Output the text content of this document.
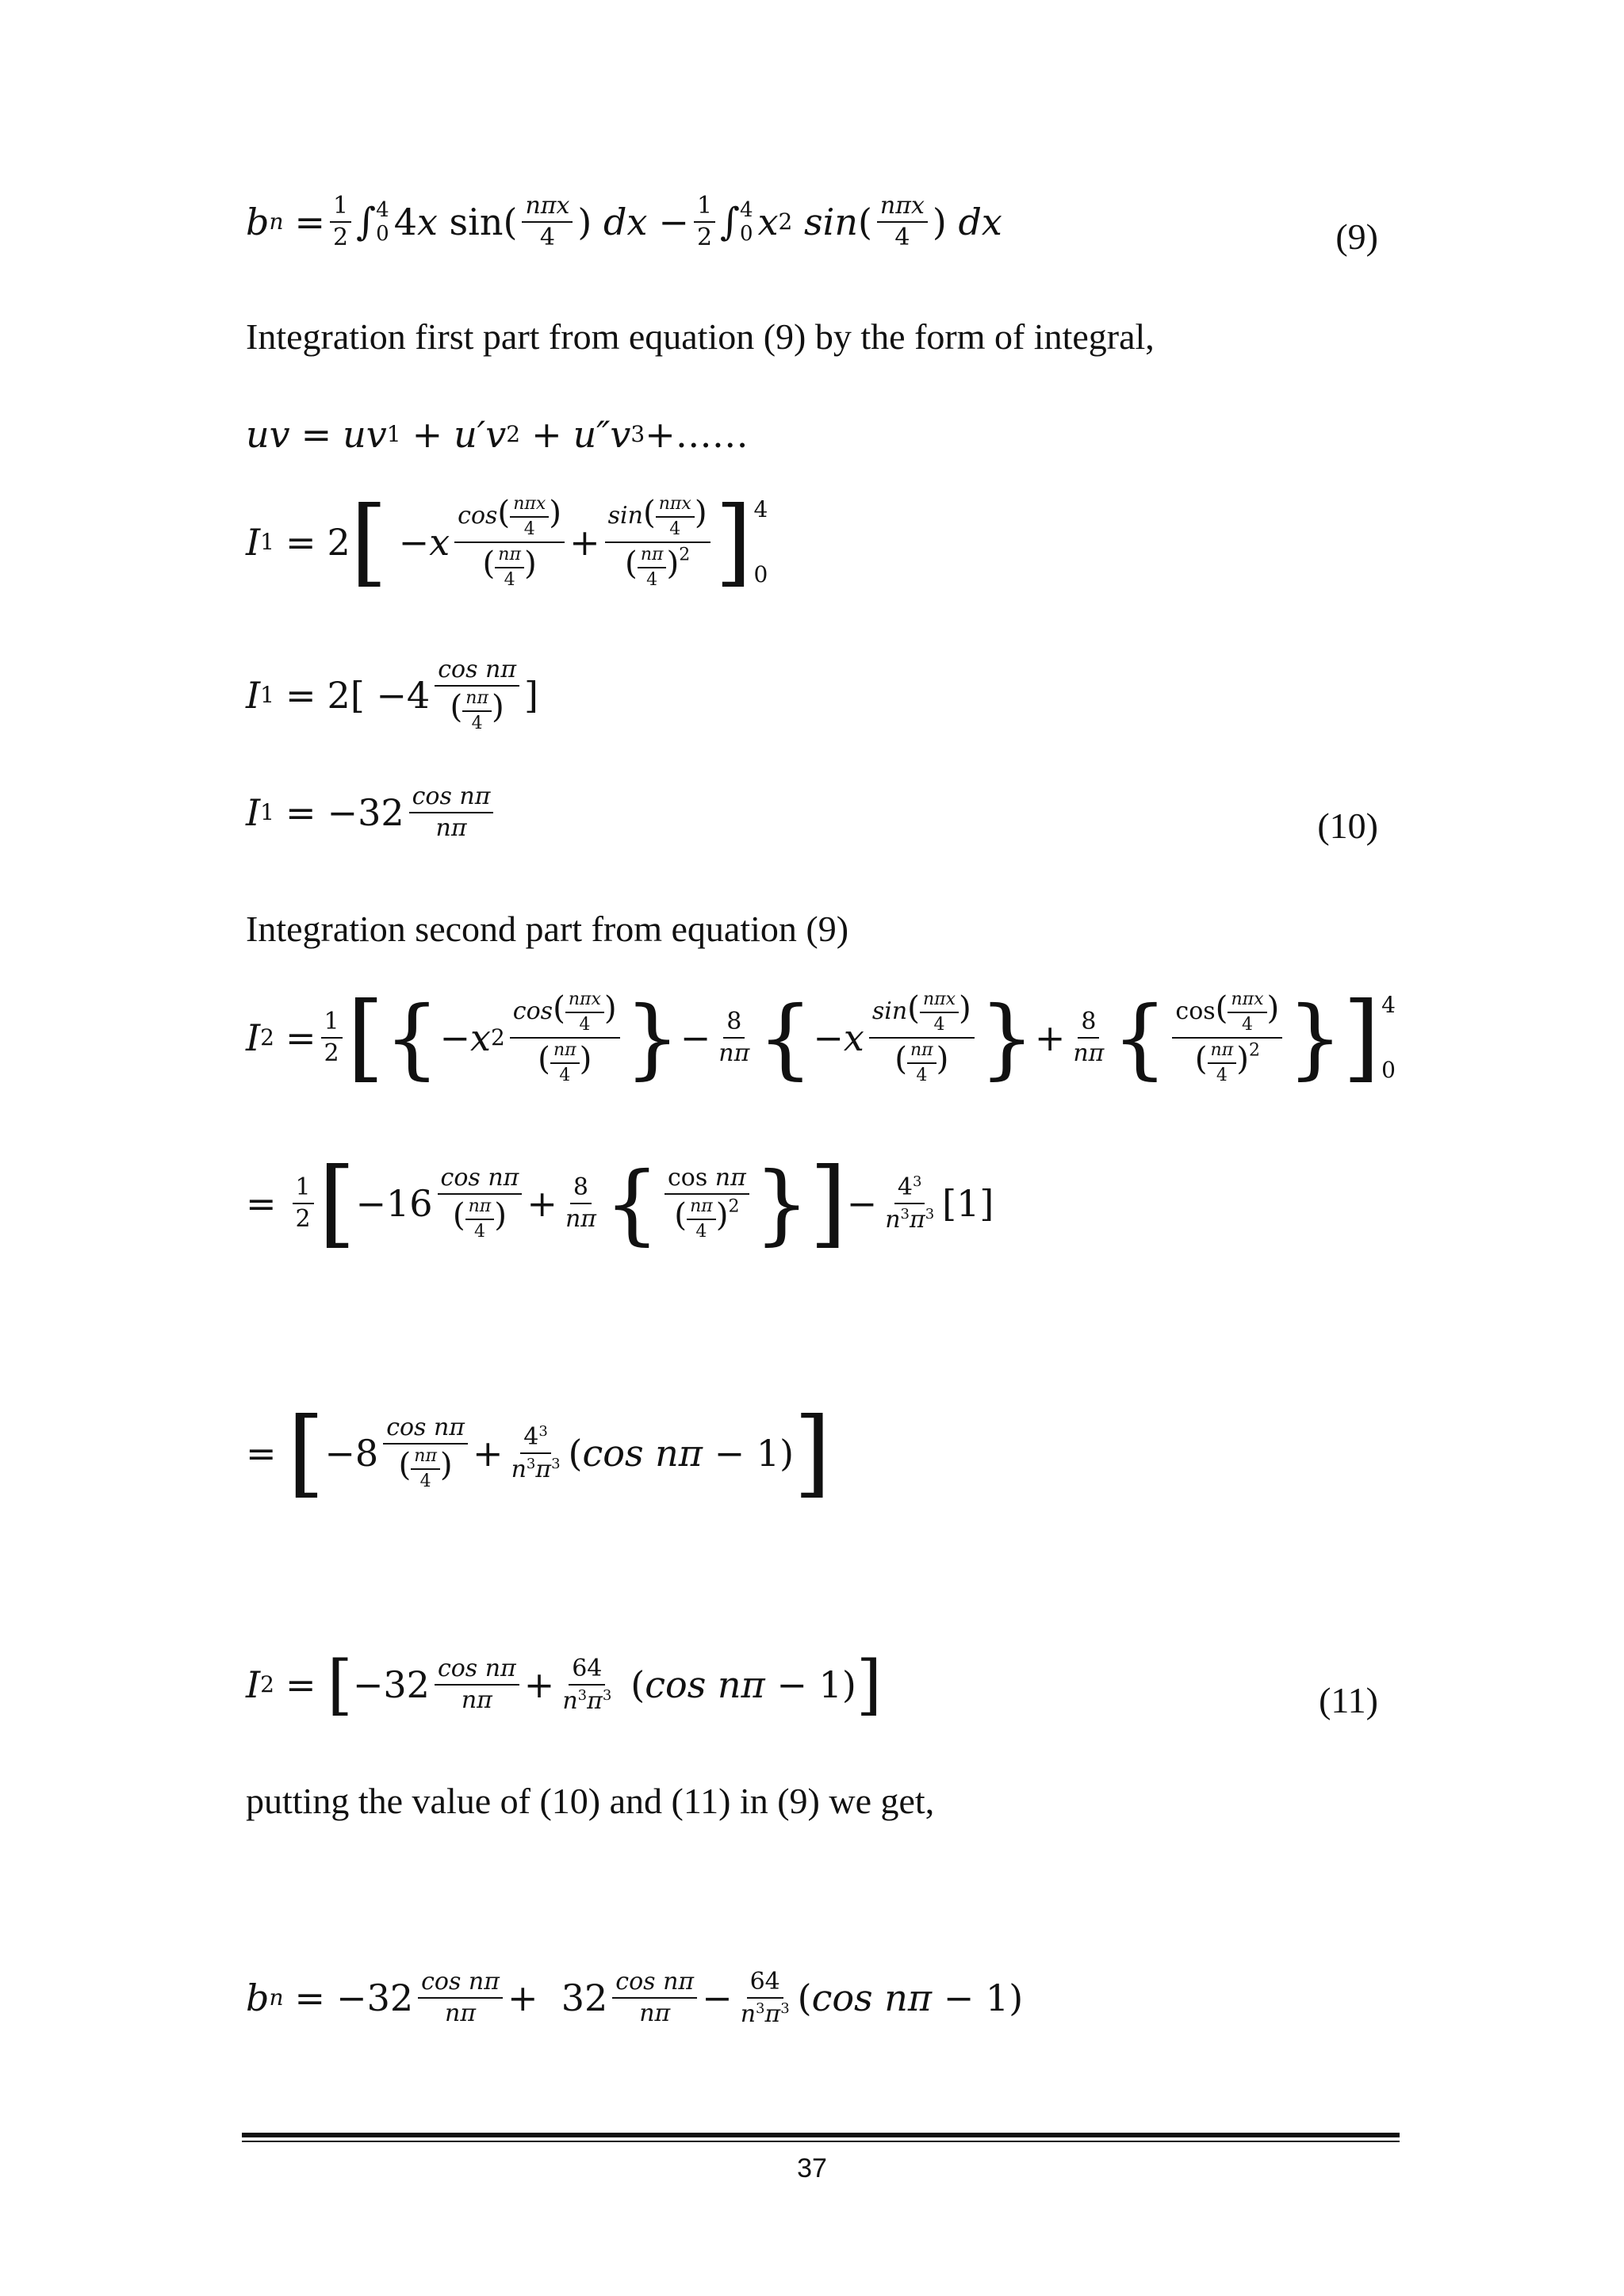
b $n = \frac{1}{2}$ ∫ 4
0 4 x $\sin( \frac{\text{nπx}}{4}$ )
dx − $\frac{1}{2}$ ∫ 4
0 x 2
sin ( $\frac{\text{nπx}}{4}$ )
dx	(9)
Integration first part from equation (9) by the form of integral,
uv = uv 1 + u′v 2 + u″v 3 +……
I 1 = 2 [ − x $\frac{\cos( \frac{\text{nπx}}{4} )}{( \frac{n\pi}{4} )} + \frac{\sin( \frac{\text{nπx}}{4} )}{( \frac{n\pi}{4} )^2}$ ] 4
0
I $1 = 2[ -4 \frac{\text{cos nπ}}{( \frac{n\pi}{4} )}$ ]
I $1 = -32 \frac{\text{cos nπ}}{n\pi}$	(10)
Integration second part from equation (9)
I $2 = \frac{1}{2}$ [ { − x $2 \frac{\cos( \frac{\text{nπx}}{4} )}{( \frac{n\pi}{4} )}$ } − $\frac{8}{n\pi}$ { − x $\frac{\sin( \frac{\text{nπx}}{4} )}{( \frac{n\pi}{4} )}$ } + $\frac{8}{n\pi}$ { $\frac{\cos( \frac{\text{nπx}}{4} )}{( \frac{n\pi}{4} )^2}$ } ] 4
0
= $\frac{1}{2}$ [ $-16 \frac{\text{cos nπ}}{( \frac{n\pi}{4} )} + \frac{8}{n\pi}$ { $\frac{\text{cos nπ}}{( \frac{n\pi}{4} )^2}$ } ] − $\frac{4^3}{n^3\pi^3} [1]$
= [ $-8 \frac{\text{cos nπ}}{( \frac{n\pi}{4} )} + \frac{4^3}{n^3\pi^3}$ ( cos nπ − 1) ]
I 2 = [ $-32 \frac{\text{cos nπ}}{n\pi} + \frac{64}{n^3\pi^3}$ ( cos nπ − 1) ]	(11)
putting the value of (10) and (11) in (9) we get,
b $n = -32 \frac{\text{cos nπ}}{n\pi} + 32 \frac{\text{cos nπ}}{n\pi} - \frac{64}{n^3\pi^3}$ ( cos nπ − 1)
37
